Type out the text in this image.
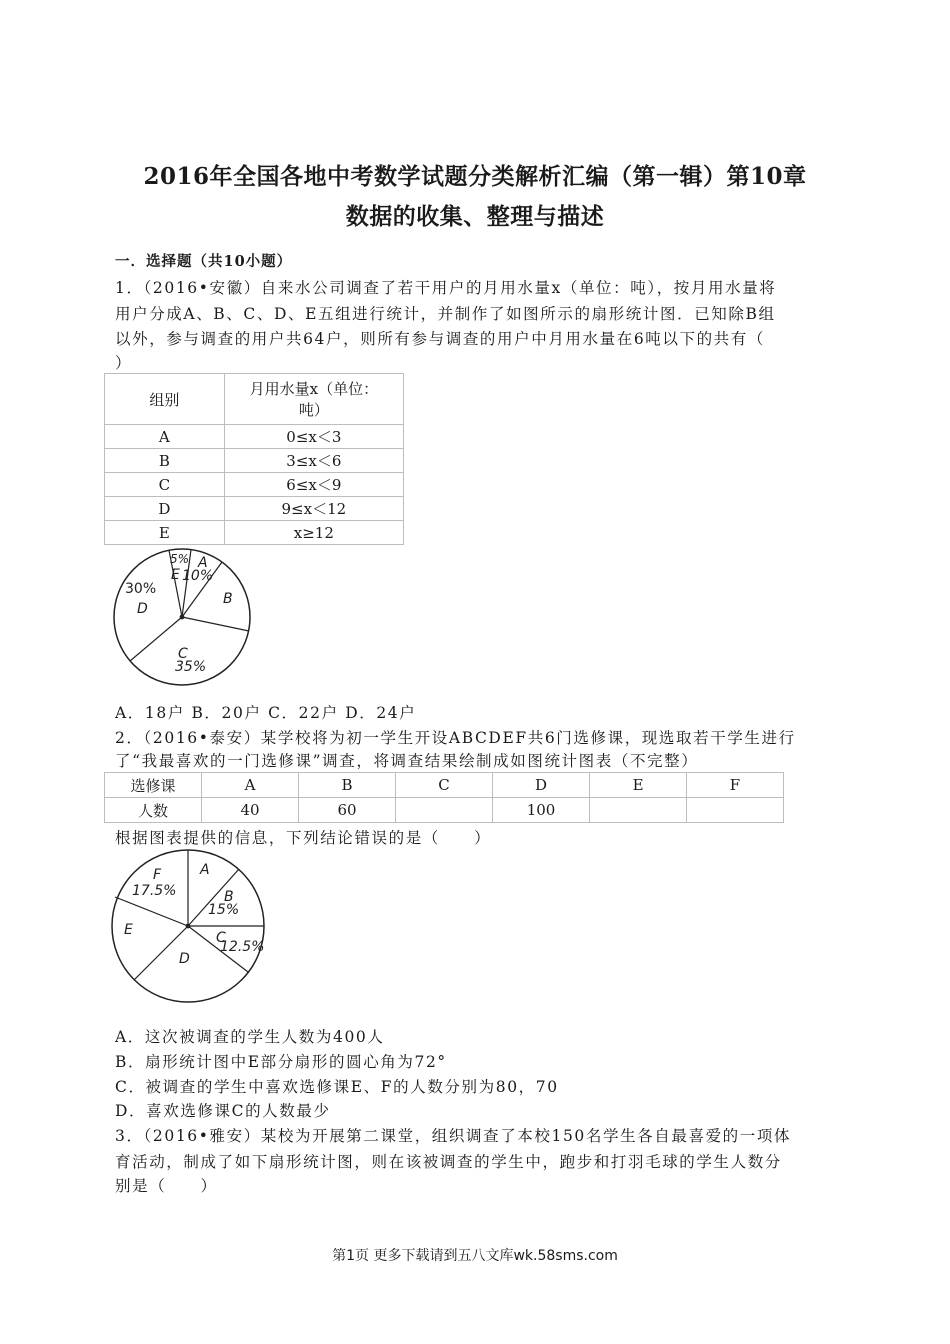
2016年全国各地中考数学试题分类解析汇编（第一辑）第10章
数据的收集、整理与描述
一．选择题（共10小题）
1．（2016•安徽）自来水公司调查了若干用户的月用水量x（单位：吨），按月用水量将
用户分成A、B、C、D、E五组进行统计，并制作了如图所示的扇形统计图．已知除B组
以外，参与调查的用户共64户，则所有参与调查的用户中月用水量在6吨以下的共有（
）
组别	月用水量x（单位：
吨）

A	0≤x＜3
B	3≤x＜6
C	6≤x＜9
D	9≤x＜12
E	x≥12
5%
E
A
10%
B
30%
D
C
35%
A．18户 B．20户 C．22户 D．24户
2．（2016•泰安）某学校将为初一学生开设ABCDEF共6门选修课，现选取若干学生进行
了“我最喜欢的一门选修课”调查，将调查结果绘制成如图统计图表（不完整）
选修课	A	B	C	D	E	F
人数	40	60		100		
根据图表提供的信息，下列结论错误的是（　　）
A
B
15%
C
12.5%
D
E
F
17.5%
A．这次被调查的学生人数为400人
B．扇形统计图中E部分扇形的圆心角为72°
C．被调查的学生中喜欢选修课E、F的人数分别为80，70
D．喜欢选修课C的人数最少
3．（2016•雅安）某校为开展第二课堂，组织调查了本校150名学生各自最喜爱的一项体
育活动，制成了如下扇形统计图，则在该被调查的学生中，跑步和打羽毛球的学生人数分
别是（　　）
第1页 更多下载请到五八文库wk.58sms.com
